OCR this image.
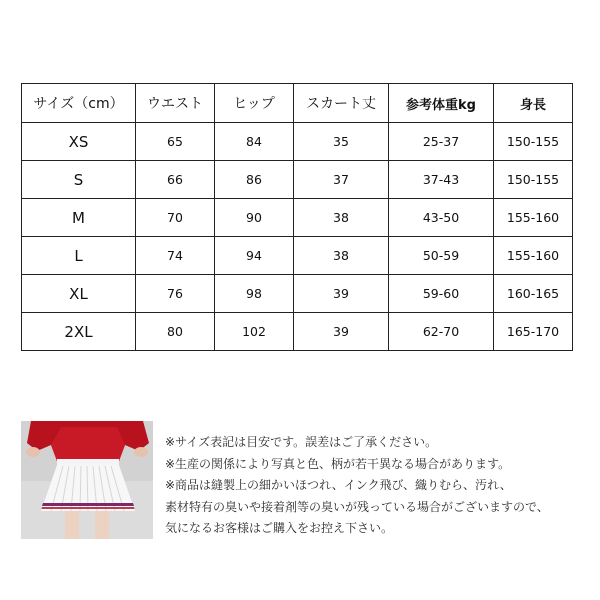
サイズ（cm）	ウエスト	ヒップ	スカート丈	参考体重kg	身長
XS	65	84	35	25-37	150-155
S	66	86	37	37-43	150-155
M	70	90	38	43-50	155-160
L	74	94	38	50-59	155-160
XL	76	98	39	59-60	160-165
2XL	80	102	39	62-70	165-170
※サイズ表記は目安です。誤差はご了承ください。
※生産の関係により写真と色、柄が若干異なる場合があります。
※商品は縫製上の細かいほつれ、インク飛び、織りむら、汚れ、
素材特有の臭いや接着剤等の臭いが残っている場合がございますので、
気になるお客様はご購入をお控え下さい。
